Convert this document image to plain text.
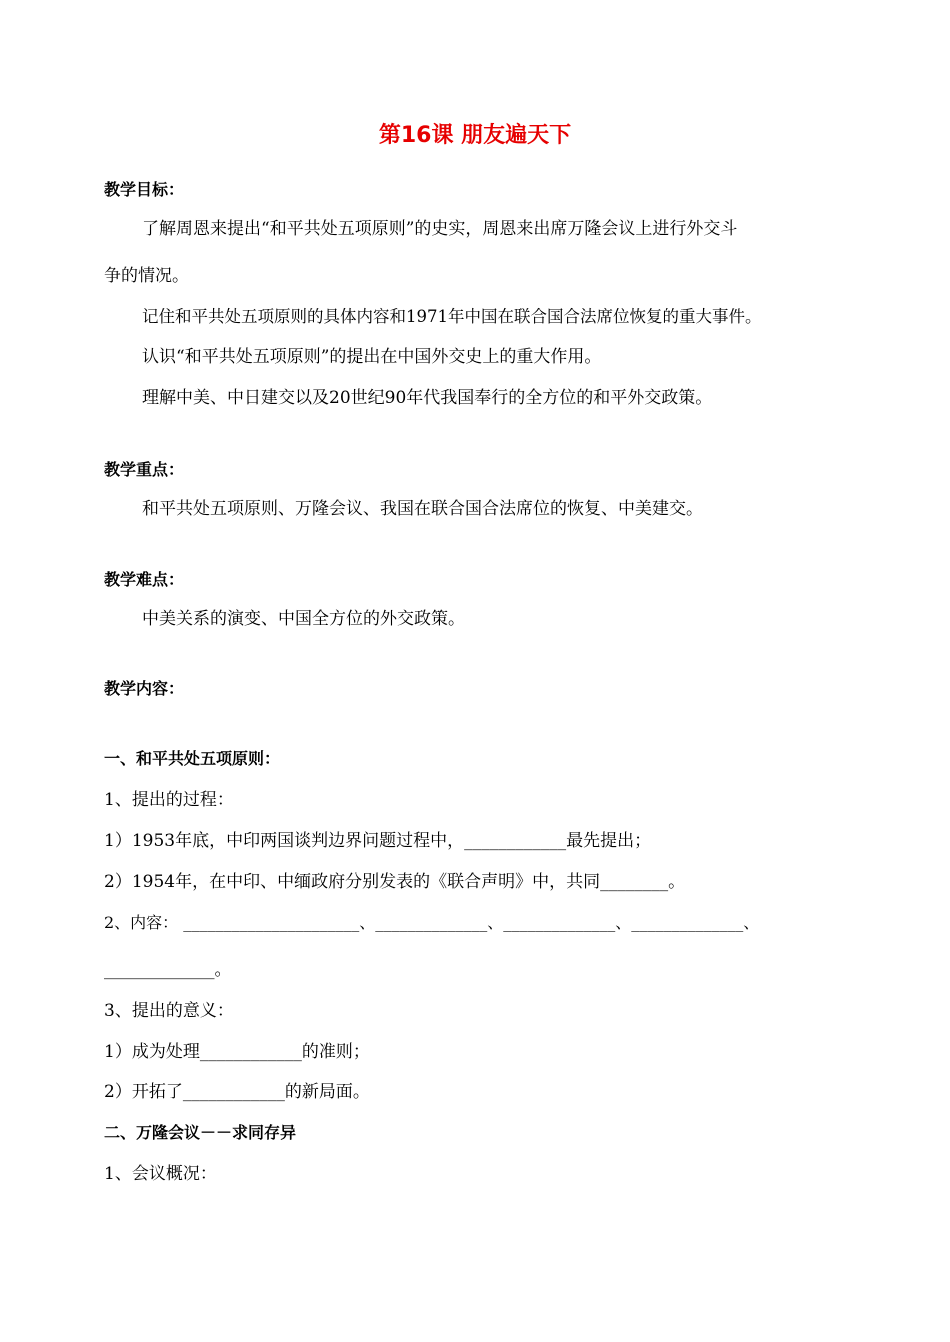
第16课 朋友遍天下
教学目标：
了解周恩来提出“和平共处五项原则”的史实，周恩来出席万隆会议上进行外交斗
争的情况。
记住和平共处五项原则的具体内容和1971年中国在联合国合法席位恢复的重大事件。
认识“和平共处五项原则”的提出在中国外交史上的重大作用。
理解中美、中日建交以及20世纪90年代我国奉行的全方位的和平外交政策。
教学重点：
和平共处五项原则、万隆会议、我国在联合国合法席位的恢复、中美建交。
教学难点：
中美关系的演变、中国全方位的外交政策。
教学内容：
一、和平共处五项原则：
1、提出的过程：
1）1953年底，中印两国谈判边界问题过程中，____________最先提出；
2）1954年，在中印、中缅政府分别发表的《联合声明》中，共同________。
2、内容： ______________________、______________、______________、______________、
_____________。
3、提出的意义：
1）成为处理____________的准则；
2）开拓了____________的新局面。
二、万隆会议－－求同存异
1、会议概况：
